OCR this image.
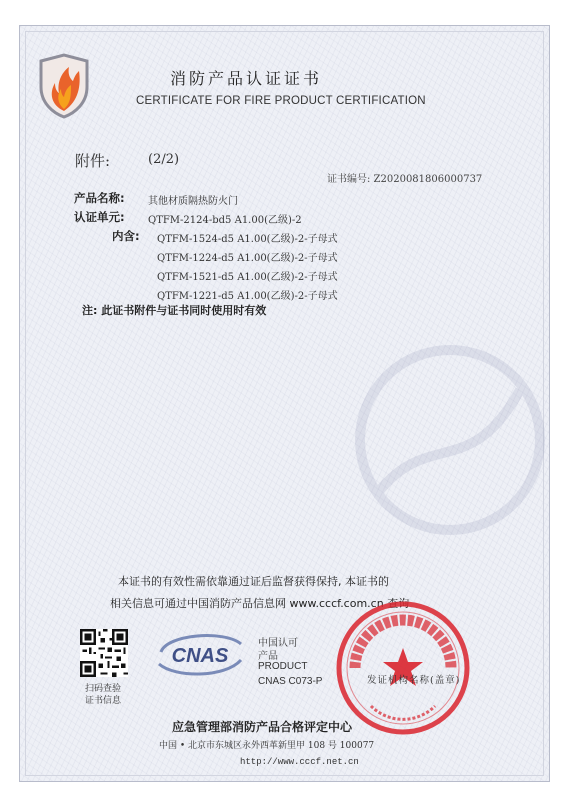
消防产品认证证书
CERTIFICATE FOR FIRE PRODUCT CERTIFICATION
附件:	(2/2)
证书编号: Z2020081806000737
产品名称: 其他材质隔热防火门
认证单元: QTFM-2124-bd5 A1.00(乙级)-2
内含: QTFM-1524-d5 A1.00(乙级)-2-子母式
QTFM-1224-d5 A1.00(乙级)-2-子母式
QTFM-1521-d5 A1.00(乙级)-2-子母式
QTFM-1221-d5 A1.00(乙级)-2-子母式
注: 此证书附件与证书同时使用时有效
本证书的有效性需依靠通过证后监督获得保持, 本证书的
相关信息可通过中国消防产品信息网 www.cccf.com.cn 查询
扫码查验
证书信息
CNAS
中国认可
产品
PRODUCT
CNAS C073-P	发证机构名称(盖章)
应急管理部消防产品合格评定中心
中国 • 北京市东城区永外西革新里甲 108 号 100077
http://www.cccf.net.cn
